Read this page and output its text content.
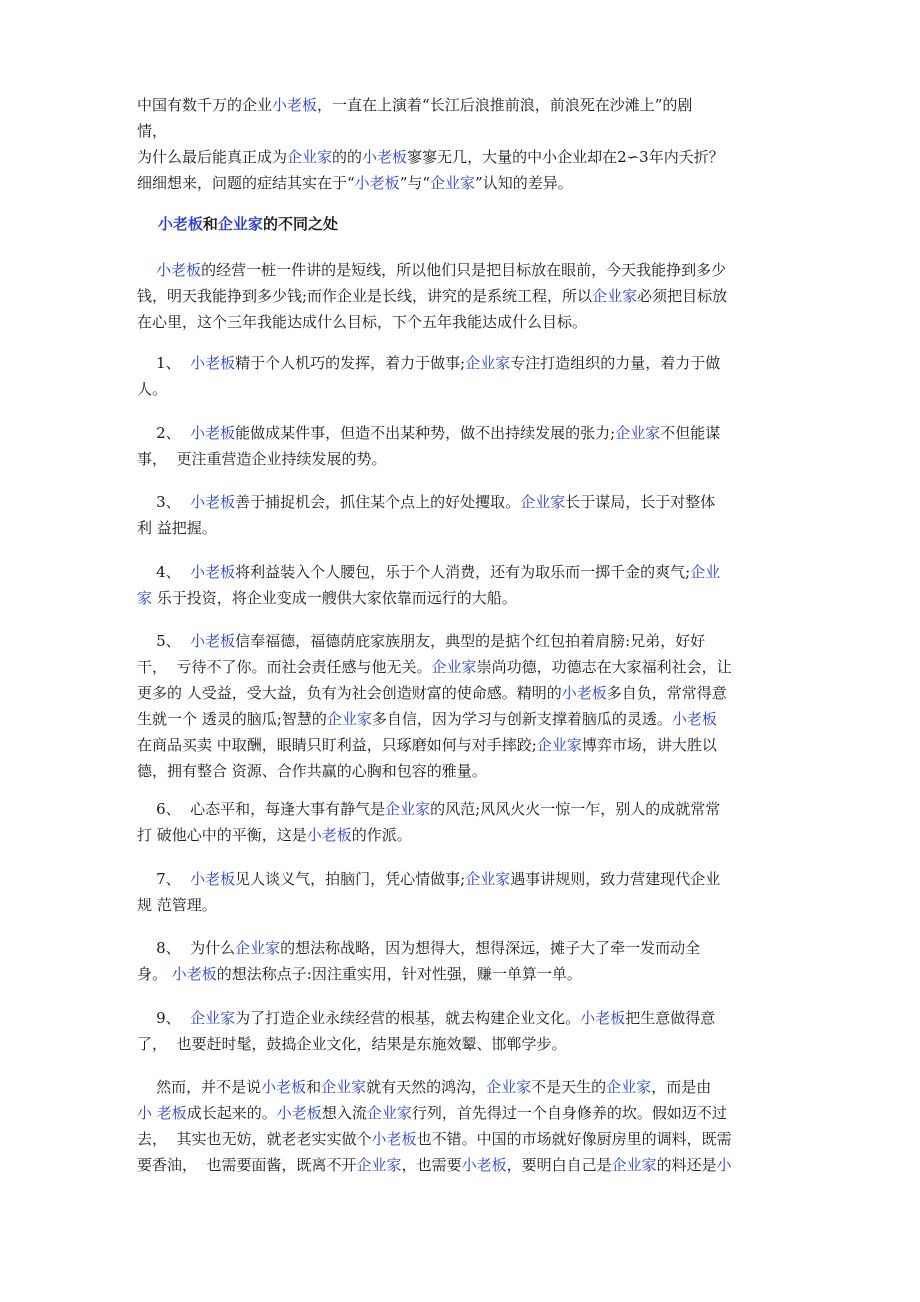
中国有数千万的企业小老板，一直在上演着“长江后浪推前浪，前浪死在沙滩上”的剧
情，
为什么最后能真正成为企业家的的小老板寥寥无几，大量的中小企业却在2∽3年内夭折？
细细想来，问题的症结其实在于“小老板”与“企业家”认知的差异。
小老板和企业家的不同之处
小老板的经营一桩一件讲的是短线，所以他们只是把目标放在眼前，今天我能挣到多少
钱，明天我能挣到多少钱;而作企业是长线，讲究的是系统工程，所以企业家必须把目标放
在心里，这个三年我能达成什么目标，下个五年我能达成什么目标。
1、  小老板精于个人机巧的发挥，着力于做事;企业家专注打造组织的力量，着力于做
人。
2、  小老板能做成某件事，但造不出某种势，做不出持续发展的张力;企业家不但能谋
事，  更注重营造企业持续发展的势。
3、  小老板善于捕捉机会，抓住某个点上的好处攫取。企业家长于谋局，长于对整体
利 益把握。
4、  小老板将利益装入个人腰包，乐于个人消费，还有为取乐而一掷千金的爽气;企业
家 乐于投资，将企业变成一艘供大家依靠而远行的大船。
5、  小老板信奉福德，福德荫庇家族朋友，典型的是掂个红包拍着肩膀:兄弟，好好
干，  亏待不了你。而社会责任感与他无关。企业家崇尚功德，功德志在大家福利社会，让
更多的 人受益，受大益，负有为社会创造财富的使命感。精明的小老板多自负，常常得意
生就一个 透灵的脑瓜;智慧的企业家多自信，因为学习与创新支撑着脑瓜的灵透。小老板
在商品买卖 中取酬，眼睛只盯利益，只琢磨如何与对手摔跤;企业家博弈市场，讲大胜以
德，拥有整合 资源、合作共赢的心胸和包容的雅量。
6、  心态平和，每逢大事有静气是企业家的风范;风风火火一惊一乍，别人的成就常常
打 破他心中的平衡，这是小老板的作派。
7、  小老板见人谈义气，拍脑门，凭心情做事;企业家遇事讲规则，致力营建现代企业
规 范管理。
8、  为什么企业家的想法称战略，因为想得大，想得深远，摊子大了牵一发而动全
身。 小老板的想法称点子:因注重实用，针对性强，赚一单算一单。
9、  企业家为了打造企业永续经营的根基，就去构建企业文化。小老板把生意做得意
了，  也要赶时髦，鼓捣企业文化，结果是东施效颦、邯郸学步。
然而，并不是说小老板和企业家就有天然的鸿沟，企业家不是天生的企业家，而是由
小 老板成长起来的。小老板想入流企业家行列，首先得过一个自身修养的坎。假如迈不过
去，  其实也无妨，就老老实实做个小老板也不错。中国的市场就好像厨房里的调料，既需
要香油，  也需要面酱，既离不开企业家，也需要小老板，要明白自己是企业家的料还是小
